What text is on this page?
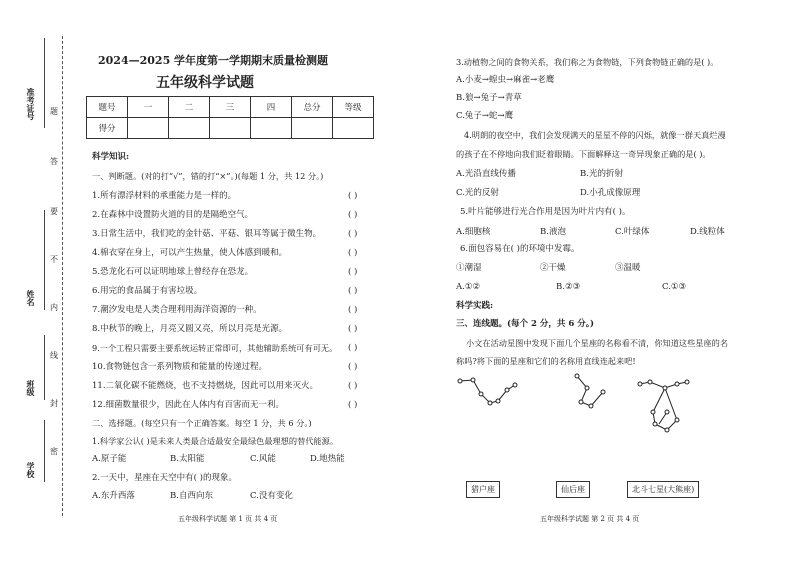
准考证号
姓名
班级
学校
题
答
要
不
内
线
封
密
2024—2025 学年度第一学期期末质量检测题
五年级科学试题
题号	一	二	三	四	总分	等级
得分						
科学知识:
一、判断题。(对的打“√”，错的打“×”。)(每题 1 分，共 12 分。)
1.所有漂浮材料的承重能力是一样的。	( )
2.在森林中设置防火道的目的是隔绝空气。	( )
3.日常生活中，我们吃的金针菇、平菇、银耳等属于微生物。	( )
4.棉衣穿在身上，可以产生热量，使人体感到暖和。	( )
5.恐龙化石可以证明地球上曾经存在恐龙。	( )
6.用完的食品属于有害垃圾。	( )
7.潮汐发电是人类合理利用海洋资源的一种。	( )
8.中秋节的晚上，月亮又圆又亮，所以月亮是光源。	( )
9.一个工程只需要主要系统运转正常即可，其他辅助系统可有可无。 ( )
10.食物链包含一系列物质和能量的传递过程。	( )
11.二氧化碳不能燃烧，也不支持燃烧，因此可以用来灭火。	( )
12.细菌数量很少，因此在人体内有百害而无一利。	( )
二、选择题。(每空只有一个正确答案。每空 1 分，共 6 分。)
1.科学家公认( )是未来人类最合适最安全最绿色最理想的替代能源。
A.原子能	B.太阳能	C.风能	D.地热能
2.一天中，星座在天空中有( )的现象。
A.东升西落	B.自西向东	C.没有变化
五年级科学试题 第 1 页 共 4 页
3.动植物之间的食物关系，我们称之为食物链，下列食物链正确的是( )。
A.小麦→蝗虫→麻雀→老鹰
B.狼→兔子→青草
C.兔子→蛇→鹰
4.明朗的夜空中，我们会发现满天的星星不停的闪烁，就像一群天真烂漫
的孩子在不停地向我们眨着眼睛。下面解释这一奇异现象正确的是( )。
A.光沿直线传播	B.光的折射
C.光的反射	D.小孔成像原理
5.叶片能够进行光合作用是因为叶片内有( )。
A.细胞核	B.液泡	C.叶绿体	D.线粒体
6.面包容易在( )的环境中发霉。
①潮湿	②干燥	③温暖
A.①②	B.②③	C.①③
科学实践:
三、连线题。(每个 2 分，共 6 分。)
小文在活动星图中发现下面几个星座的名称看不清，你知道这些星座的名
称吗?将下面的星座和它们的名称用直线连起来吧!
猎户座	仙后座	北斗七星(大熊座)
五年级科学试题 第 2 页 共 4 页
